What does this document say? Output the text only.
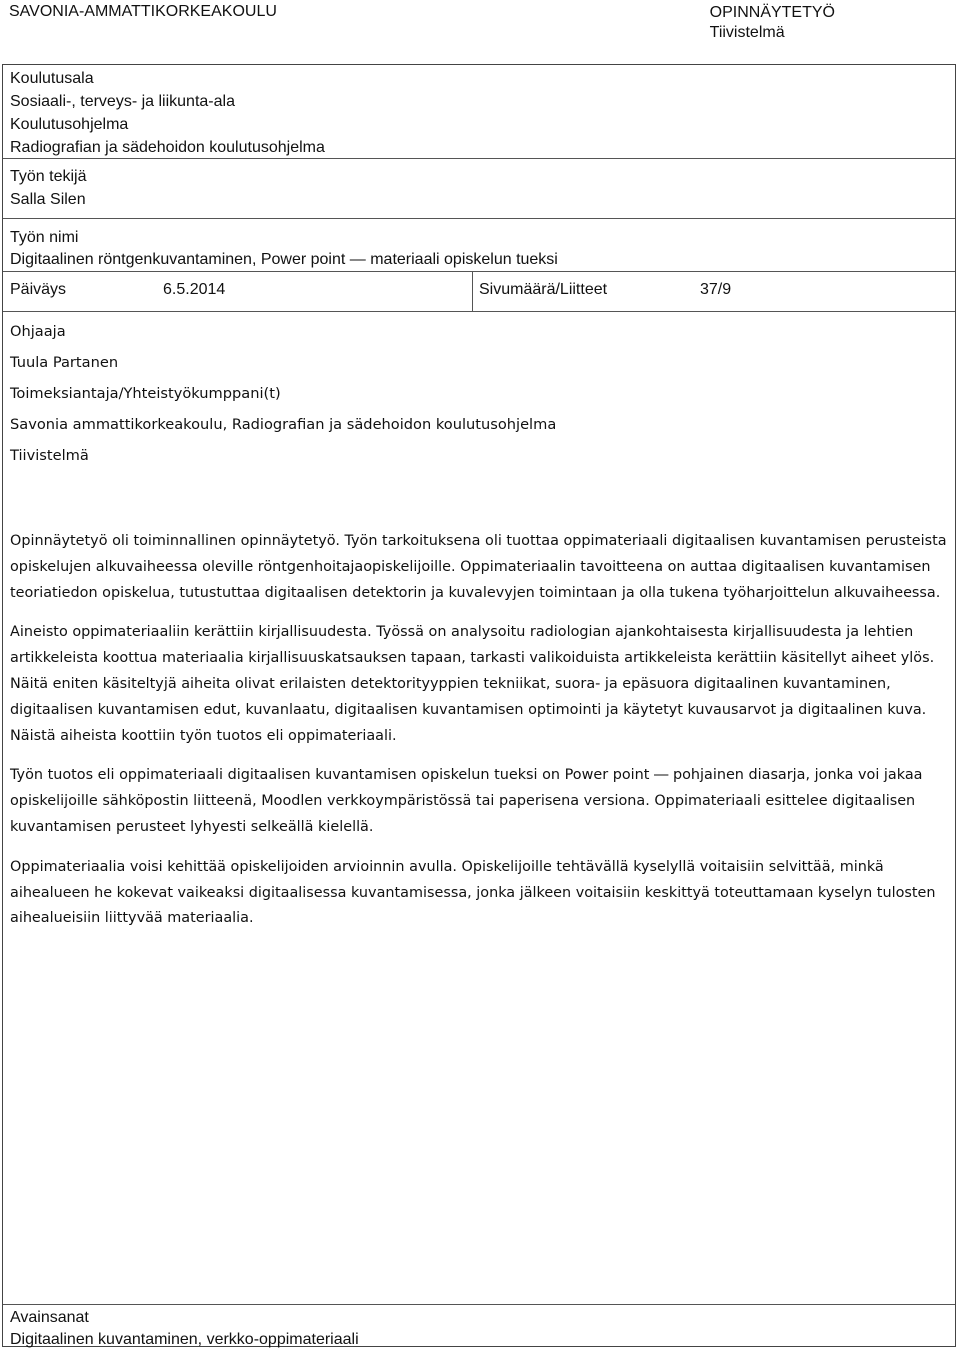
SAVONIA-AMMATTIKORKEAKOULU	OPINNÄYTETYÖ
Tiivistelmä
Koulutusala
Sosiaali-, terveys- ja liikunta-ala
Koulutusohjelma
Radiografian ja sädehoidon koulutusohjelma
Työn tekijä
Salla Silen
Työn nimi
Digitaalinen röntgenkuvantaminen, Power point ― materiaali opiskelun tueksi
Päiväys	6.5.2014	Sivumäärä/Liitteet	37/9
Ohjaaja
Tuula Partanen
Toimeksiantaja/Yhteistyökumppani(t)
Savonia ammattikorkeakoulu, Radiografian ja sädehoidon koulutusohjelma
Tiivistelmä

Opinnäytetyö oli toiminnallinen opinnäytetyö. Työn tarkoituksena oli tuottaa oppimateriaali digitaalisen kuvantamisen perusteista opiskelujen alkuvaiheessa oleville röntgenhoitajaopiskelijoille. Oppimateriaalin tavoitteena on auttaa digitaalisen kuvantamisen teoriatiedon opiskelua, tutustuttaa digitaalisen detektorin ja kuvalevyjen toimintaan ja olla tukena työharjoittelun alkuvaiheessa.

Aineisto oppimateriaaliin kerättiin kirjallisuudesta. Työssä on analysoitu radiologian ajankohtaisesta kirjallisuudesta ja lehtien artikkeleista koottua materiaalia kirjallisuuskatsauksen tapaan, tarkasti valikoiduista artikkeleista kerättiin käsitellyt aiheet ylös. Näitä eniten käsiteltyjä aiheita olivat erilaisten detektorityyppien tekniikat, suora- ja epäsuora digitaalinen kuvantaminen, digitaalisen kuvantamisen edut, kuvanlaatu, digitaalisen kuvantamisen optimointi ja käytetyt kuvausarvot ja digitaalinen kuva. Näistä aiheista koottiin työn tuotos eli oppimateriaali.

Työn tuotos eli oppimateriaali digitaalisen kuvantamisen opiskelun tueksi on Power point ― pohjainen diasarja, jonka voi jakaa opiskelijoille sähköpostin liitteenä, Moodlen verkkoympäristössä tai paperisena versiona. Oppimateriaali esittelee digitaalisen kuvantamisen perusteet lyhyesti selkeällä kielellä.

Oppimateriaalia voisi kehittää opiskelijoiden arvioinnin avulla. Opiskelijoille tehtävällä kyselyllä voitaisiin selvittää, minkä aihealueen he kokevat vaikeaksi digitaalisessa kuvantamisessa, jonka jälkeen voitaisiin keskittyä toteuttamaan kyselyn tulosten aihealueisiin liittyvää materiaalia.

Avainsanat
Digitaalinen kuvantaminen, verkko-oppimateriaali
